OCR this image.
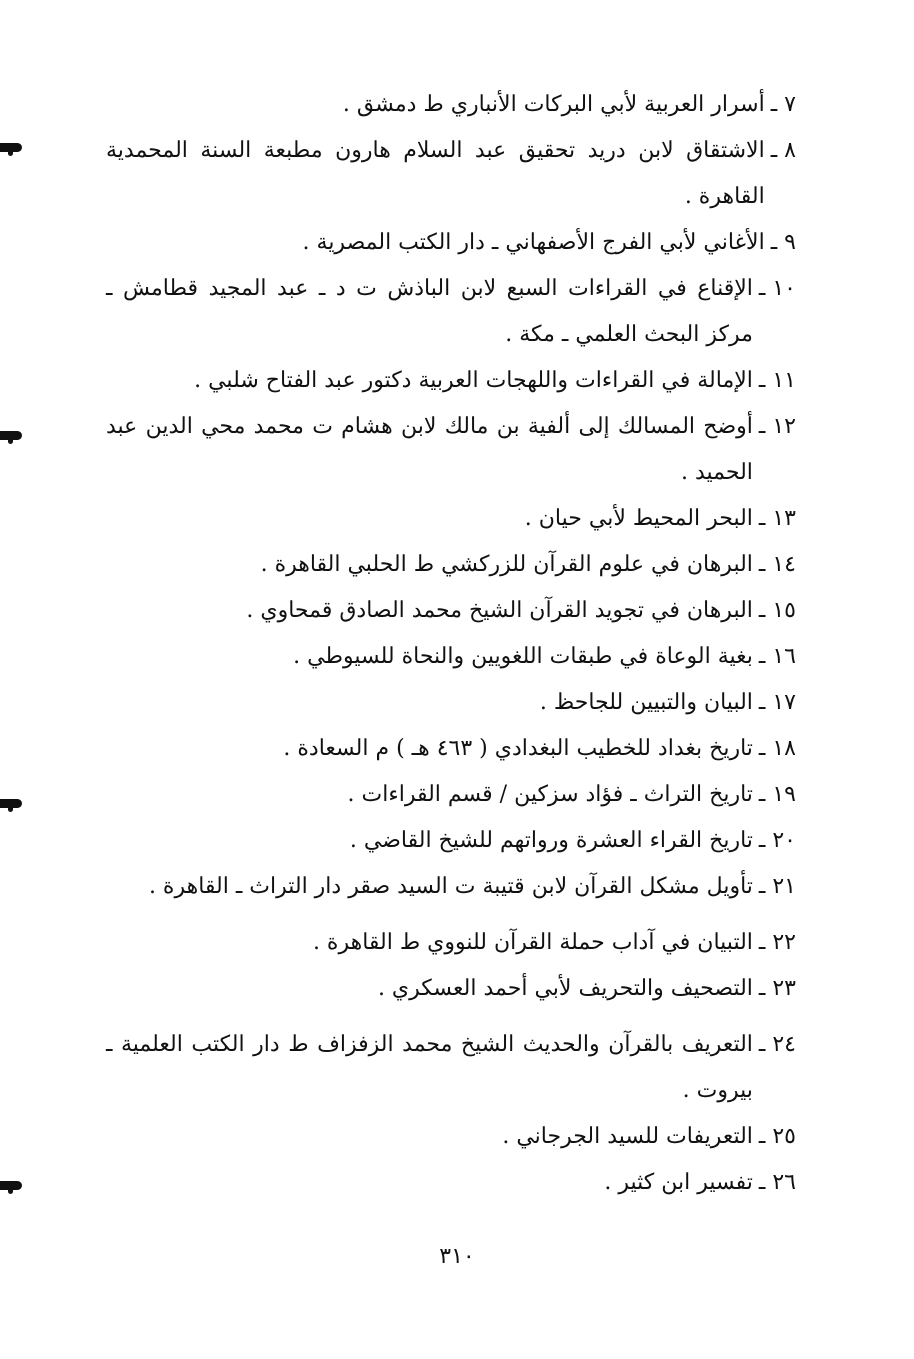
٧ ـ
أسرار العربية لأبي البركات الأنباري ط دمشق .
٨ ـ
الاشتقاق لابن دريد تحقيق عبد السلام هارون مطبعة السنة المحمدية القاهرة .
٩ ـ
الأغاني لأبي الفرج الأصفهاني ـ دار الكتب المصرية .
١٠ ـ
الإقناع في القراءات السبع لابن الباذش ت د ـ عبد المجيد قطامش ـ مركز البحث العلمي ـ مكة .
١١ ـ
الإمالة في القراءات واللهجات العربية دكتور عبد الفتاح شلبي .
١٢ ـ
أوضح المسالك إلى ألفية بن مالك لابن هشام ت محمد محي الدين عبد الحميد .
١٣ ـ
البحر المحيط لأبي حيان .
١٤ ـ
البرهان في علوم القرآن للزركشي ط الحلبي القاهرة .
١٥ ـ
البرهان في تجويد القرآن الشيخ محمد الصادق قمحاوي .
١٦ ـ
بغية الوعاة في طبقات اللغويين والنحاة للسيوطي .
١٧ ـ
البيان والتبيين للجاحظ .
١٨ ـ
تاريخ بغداد للخطيب البغدادي ( ٤٦٣ هـ ) م السعادة .
١٩ ـ
تاريخ التراث ـ فؤاد سزكين / قسم القراءات .
٢٠ ـ
تاريخ القراء العشرة ورواتهم للشيخ القاضي .
٢١ ـ
تأويل مشكل القرآن لابن قتيبة ت السيد صقر دار التراث ـ القاهرة .
٢٢ ـ
التبيان في آداب حملة القرآن للنووي ط القاهرة .
٢٣ ـ
التصحيف والتحريف لأبي أحمد العسكري .
٢٤ ـ
التعريف بالقرآن والحديث الشيخ محمد الزفزاف ط دار الكتب العلمية ـ بيروت .
٢٥ ـ
التعريفات للسيد الجرجاني .
٢٦ ـ
تفسير ابن كثير .
٣١٠
